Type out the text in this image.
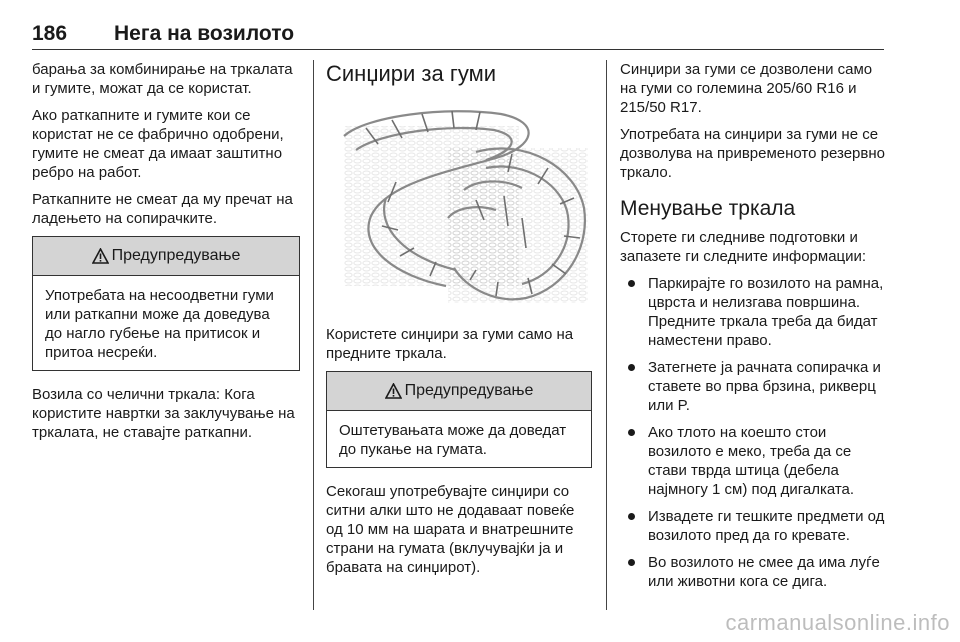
186 Нега на возилото

барања за комбинирање на тркалата и гумите, можат да се користат.

Ако раткапните и гумите кои се користат не се фабрично одобрени, гумите не смеат да имаат заштитно ребро на работ.

Раткапните не смеат да му пречат на ладењето на сопирачките.

Предупредување

Употребата на несоодветни гуми или раткапни може да доведува до нагло губење на притисок и притоа несреќи.

Возила со челични тркала: Кога користите навртки за заклучување на тркалата, не ставајте раткапни.

Синџири за гуми

Користете синџири за гуми само на предните тркала.

Предупредување

Оштетувањата може да доведат до пукање на гумата.

Секогаш употребувајте синџири со ситни алки што не додаваат повеќе од 10 мм на шарата и внатрешните страни на гумата (вклучувајќи ја и бравата на синџирот).

Синџири за гуми се дозволени само на гуми со големина 205/60 R16 и 215/50 R17.

Употребата на синџири за гуми не се дозволува на привременото резервно тркало.

Менување тркала

Сторете ги следниве подготовки и запазете ги следните информации:

Паркирајте го возилото на рамна, цврста и нелизгава површина. Предните тркала треба да бидат наместени право.
Затегнете ја рачната сопирачка и ставете во прва брзина, рикверц или P.
Ако тлото на коешто стои возилото е меко, треба да се стави тврда штица (дебела најмногу 1 см) под дигалката.
Извадете ги тешките предмети од возилото пред да го кревате.
Во возилото не смее да има луѓе или животни кога се дига.
carmanualsonline.info
